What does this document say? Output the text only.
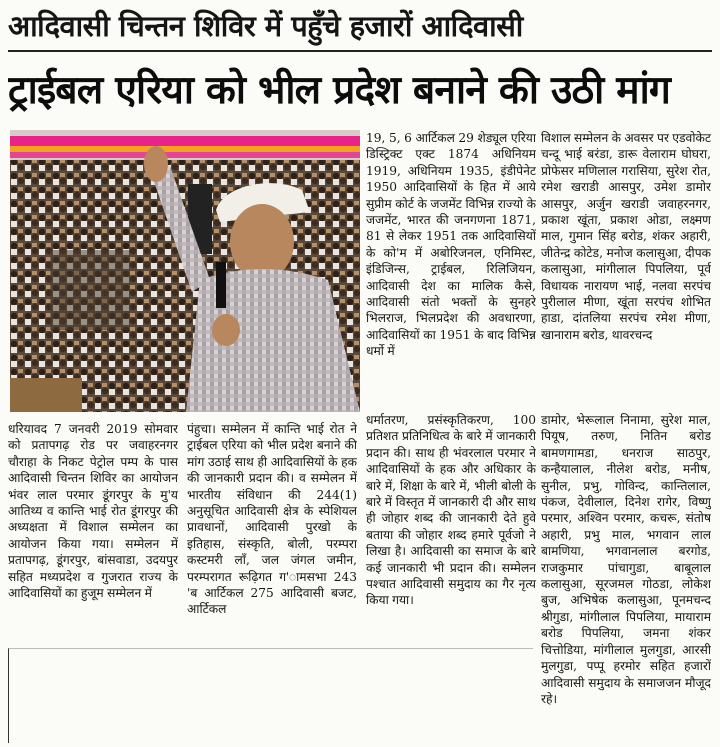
आदिवासी चिन्तन शिविर में पहुँचे हजारों आदिवासी
ट्राईबल एरिया को भील प्रदेश बनाने की उठी मांग
19, 5, 6 आर्टिकल 29 शेड्यूल एरिया डिस्ट्रिक्ट एक्ट 1874 अधिनियम 1919, अधिनियम 1935, इंडीपेनेट 1950 आदिवासियों के हित में आये सुप्रीम कोर्ट के जजमेंट विभिन्न राज्यो के जजमेंट, भारत की जनगणना 1871, 81 से लेकर 1951 तक आदिवासियों के को'म में अबोरिजनल, एनिमिस्ट, इंडिजिन्स, ट्राईबल, रिलिजियन, आदिवासी देश का मालिक कैसे, आदिवासी संतो भक्तों के सुनहरे भिलराज, भिलप्रदेश की अवधारणा, आदिवासियों का 1951 के बाद विभिन्न धर्मो में
विशाल सम्मेलन के अवसर पर एडवोकेट चन्दू भाई बरंडा, डारू वेलाराम घोघरा, प्रोफेसर मणिलाल गरासिया, सुरेश रोत, रमेश खराडी आसपुर, उमेश डामोर आसपुर, अर्जुन खराडी जवाहरनगर, प्रकाश खूंता, प्रकाश ओडा, लक्ष्मण माल, गुमान सिंह बरोड, शंकर अहारी, जीतेन्द्र कोटेड, मनोज कलासुआ, दीपक कलासुआ, मांगीलाल पिपलिया, पूर्व विधायक नारायण भाई, नलवा सरपंच पुरीलाल मीणा, खूंता सरपंच शोभित हाडा, दांतलिया सरपंच रमेश मीणा, खानाराम बरोड, थावरचन्द
धरियावद 7 जनवरी 2019 सोमवार को प्रतापगढ़ रोड पर जवाहरनगर चौराहा के निकट पेट्रोल पम्प के पास आदिवासी चिन्तन शिविर का आयोजन भंवर लाल परमार डूंगरपुर के मु'य आतिथ्य व कान्ति भाई रोत डूंगरपुर की अध्यक्षता में विशाल सम्मेलन का आयोजन किया गया। सम्मेलन में प्रतापगढ़, डूंगरपुर, बांसवाडा, उदयपुर सहित मध्यप्रदेश व गुजरात राज्य के आदिवासियों का हुजूम सम्मेलन में
पंहुचा। सम्मेलन में कान्ति भाई रोत ने ट्राईबल एरिया को भील प्रदेश बनाने की मांग उठाई साथ ही आदिवासियों के हक की जानकारी प्रदान की। व सम्मेलन में भारतीय संविधान की 244(1) अनुसूचित आदिवासी क्षेत्र के स्पेशियल प्रावधानों, आदिवासी पुरखो के इतिहास, संस्कृति, बोली, परम्परा कस्टमरी लॉं, जल जंगल जमीन, परम्परागत रूढ़िगत ग'ामसभा 243 'ब आर्टिकल 275 आदिवासी बजट, आर्टिकल
धर्मातरण, प्रसंस्कृतिकरण, 100 प्रतिशत प्रतिनिधित्व के बारे में जानकारी प्रदान की। साथ ही भंवरलाल परमार ने आदिवासियों के हक और अधिकार के बारे में, शिक्षा के बारे में, भीली बोली के बारे में विस्तृत में जानकारी दी और साथ ही जोहार शब्द की जानकारी देते हुवे बताया की जोहार शब्द हमारे पूर्वजो ने लिखा है। आदिवासी का समाज के बारे कई जानकारी भी प्रदान की। सम्मेलन पश्चात आदिवासी समुदाय का गैर नृत्य किया गया।
डामोर, भेरूलाल निनामा, सुरेश माल, पियूष, तरुण, नितिन बरोड बामणगामडा, धनराज साठपुर, कन्हैयालाल, नीलेश बरोड, मनीष, सुनील, प्रभु, गोविन्द, कान्तिलाल, पंकज, देवीलाल, दिनेश रागेर, विष्णु परमार, अश्विन परमार, कचरू, संतोष अहारी, प्रभु माल, भगवान लाल बामणिया, भगवानलाल बरगोड, राजकुमार पांचागुडा, बाबूलाल कलासुआ, सूरजमल गोठडा, लोकेश बुज, अभिषेक कलासुआ, पूनमचन्द श्रीगुडा, मांगीलाल पिपलिया, मायाराम बरोड पिपलिया, जमना शंकर चित्तोडिया, मांगीलाल मुलगुडा, आरसी मुलगुडा, पप्पू हरमोर सहित हजारों आदिवासी समुदाय के समाजजन मौजूद रहे।
